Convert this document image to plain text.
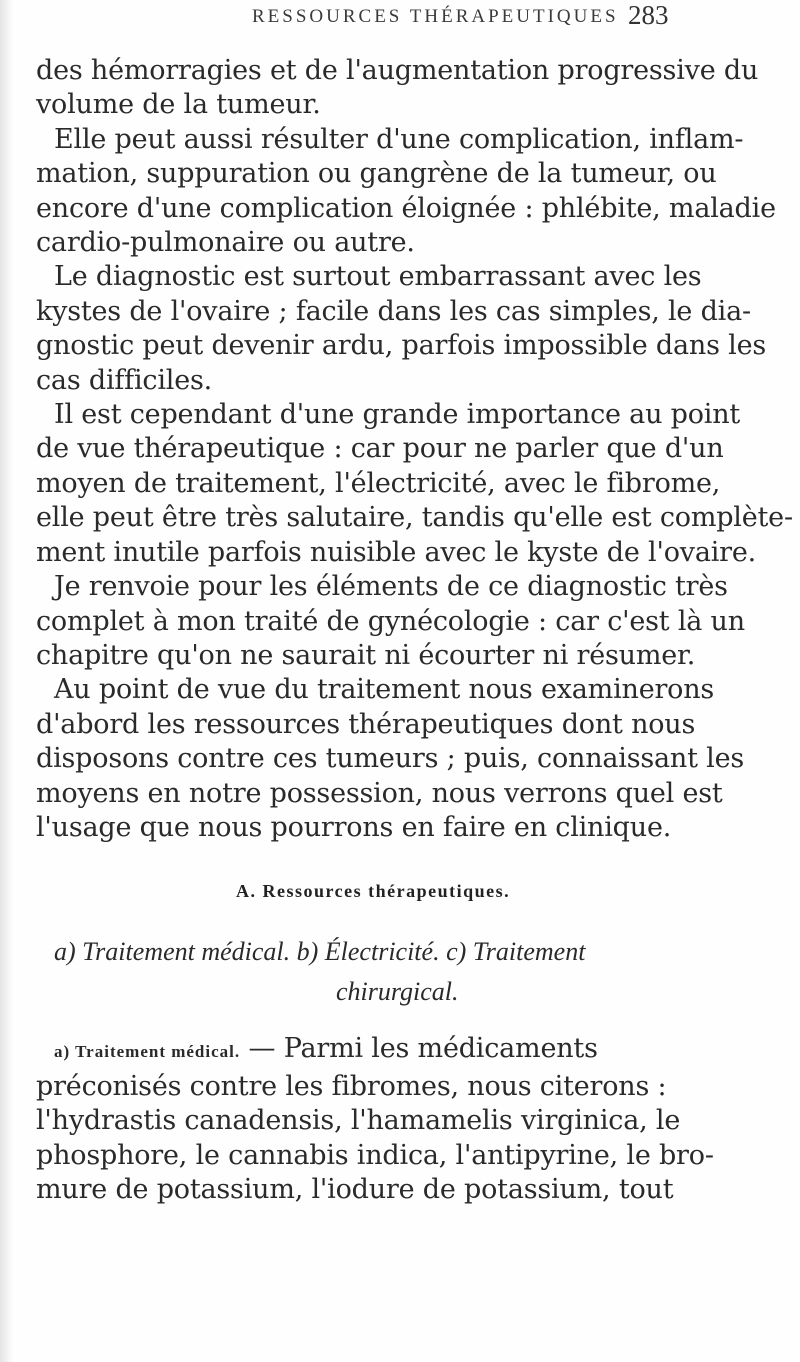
RESSOURCES THÉRAPEUTIQUES 283
des hémorragies et de l'augmentation progressive du
volume de la tumeur.
Elle peut aussi résulter d'une complication, inflam-
mation, suppuration ou gangrène de la tumeur, ou
encore d'une complication éloignée : phlébite, maladie
cardio-pulmonaire ou autre.
Le diagnostic est surtout embarrassant avec les
kystes de l'ovaire ; facile dans les cas simples, le dia-
gnostic peut devenir ardu, parfois impossible dans les
cas difficiles.
Il est cependant d'une grande importance au point
de vue thérapeutique : car pour ne parler que d'un
moyen de traitement, l'électricité, avec le fibrome,
elle peut être très salutaire, tandis qu'elle est complète-
ment inutile parfois nuisible avec le kyste de l'ovaire.
Je renvoie pour les éléments de ce diagnostic très
complet à mon traité de gynécologie : car c'est là un
chapitre qu'on ne saurait ni écourter ni résumer.
Au point de vue du traitement nous examinerons
d'abord les ressources thérapeutiques dont nous
disposons contre ces tumeurs ; puis, connaissant les
moyens en notre possession, nous verrons quel est
l'usage que nous pourrons en faire en clinique.
A. Ressources thérapeutiques.
a) Traitement médical. b) Électricité. c) Traitement
chirurgical.
a) Traitement médical. — Parmi les médicaments
préconisés contre les fibromes, nous citerons :
l'hydrastis canadensis, l'hamamelis virginica, le
phosphore, le cannabis indica, l'antipyrine, le bro-
mure de potassium, l'iodure de potassium, tout
